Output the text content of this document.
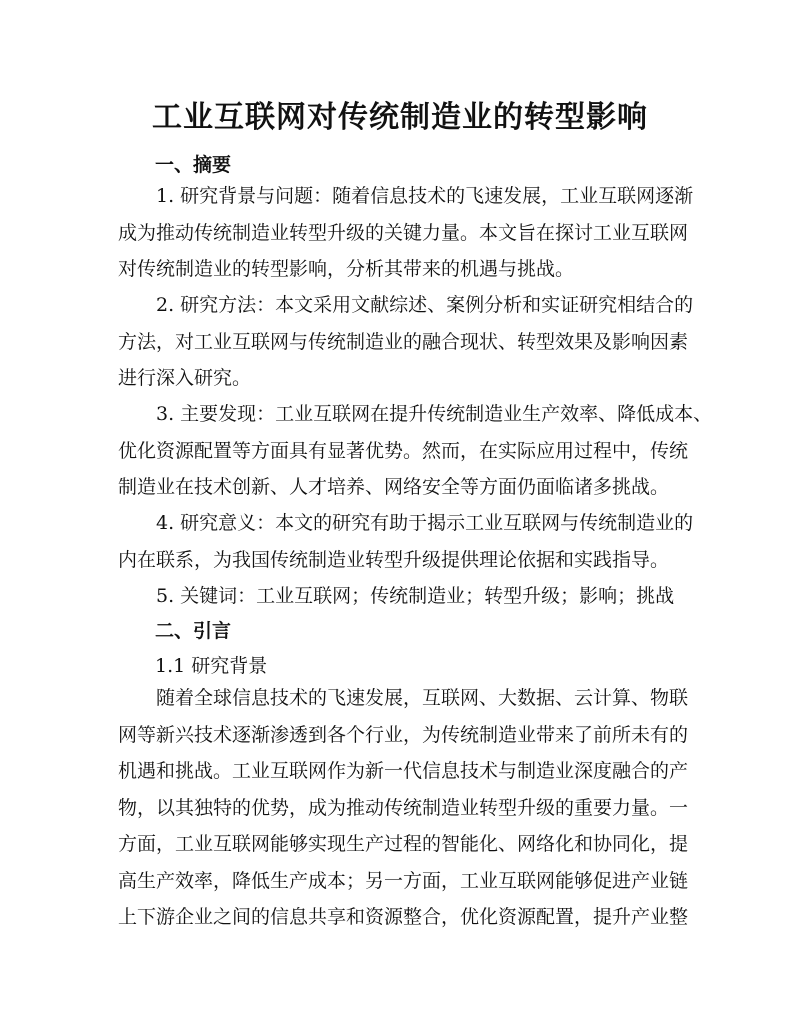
工业互联网对传统制造业的转型影响
一、摘要

1. 研究背景与问题：随着信息技术的飞速发展，工业互联网逐渐
成为推动传统制造业转型升级的关键力量。本文旨在探讨工业互联网
对传统制造业的转型影响，分析其带来的机遇与挑战。

2. 研究方法：本文采用文献综述、案例分析和实证研究相结合的
方法，对工业互联网与传统制造业的融合现状、转型效果及影响因素
进行深入研究。

3. 主要发现：工业互联网在提升传统制造业生产效率、降低成本、
优化资源配置等方面具有显著优势。然而，在实际应用过程中，传统
制造业在技术创新、人才培养、网络安全等方面仍面临诸多挑战。

4. 研究意义：本文的研究有助于揭示工业互联网与传统制造业的
内在联系，为我国传统制造业转型升级提供理论依据和实践指导。

5. 关键词：工业互联网；传统制造业；转型升级；影响；挑战

二、引言

1.1 研究背景

随着全球信息技术的飞速发展，互联网、大数据、云计算、物联
网等新兴技术逐渐渗透到各个行业，为传统制造业带来了前所未有的
机遇和挑战。工业互联网作为新一代信息技术与制造业深度融合的产
物，以其独特的优势，成为推动传统制造业转型升级的重要力量。一
方面，工业互联网能够实现生产过程的智能化、网络化和协同化，提
高生产效率，降低生产成本；另一方面，工业互联网能够促进产业链
上下游企业之间的信息共享和资源整合，优化资源配置，提升产业整
